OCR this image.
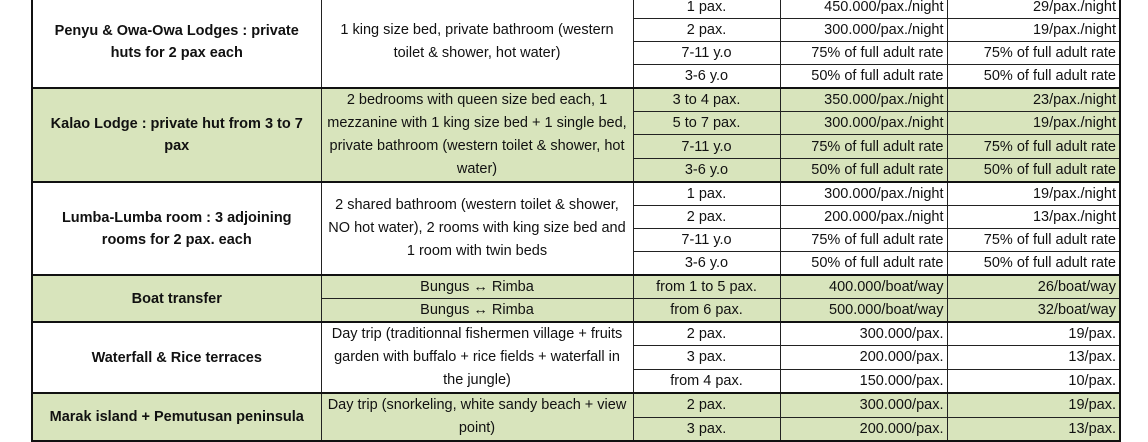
Penyu & Owa-Owa Lodges : private huts for 2 pax each	1 king size bed, private bathroom (western toilet & shower, hot water)	1 pax.	450.000/pax./night	29/pax./night
		2 pax.	300.000/pax./night	19/pax./night
		7-11 y.o	75% of full adult rate	75% of full adult rate
		3-6 y.o	50% of full adult rate	50% of full adult rate
Kalao Lodge : private hut from 3 to 7 pax	2 bedrooms with queen size bed each, 1 mezzanine with 1 king size bed + 1 single bed, private bathroom (western toilet & shower, hot water)	3 to 4 pax.	350.000/pax./night	23/pax./night
		5 to 7 pax.	300.000/pax./night	19/pax./night
		7-11 y.o	75% of full adult rate	75% of full adult rate
		3-6 y.o	50% of full adult rate	50% of full adult rate
Lumba-Lumba room : 3 adjoining rooms for 2 pax. each	2 shared bathroom (western toilet & shower, NO hot water), 2 rooms with king size bed and 1 room with twin beds	1 pax.	300.000/pax./night	19/pax./night
		2 pax.	200.000/pax./night	13/pax./night
		7-11 y.o	75% of full adult rate	75% of full adult rate
		3-6 y.o	50% of full adult rate	50% of full adult rate
Boat transfer	Bungus ↔ Rimba	from 1 to 5 pax.	400.000/boat/way	26/boat/way
	Bungus ↔ Rimba	from 6 pax.	500.000/boat/way	32/boat/way
Waterfall & Rice terraces	Day trip (traditionnal fishermen village + fruits garden with buffalo + rice fields + waterfall in the jungle)	2 pax.	300.000/pax.	19/pax.
		3 pax.	200.000/pax.	13/pax.
		from 4 pax.	150.000/pax.	10/pax.
Marak island + Pemutusan peninsula	Day trip (snorkeling, white sandy beach + view point)	2 pax.	300.000/pax.	19/pax.
		3 pax.	200.000/pax.	13/pax.
